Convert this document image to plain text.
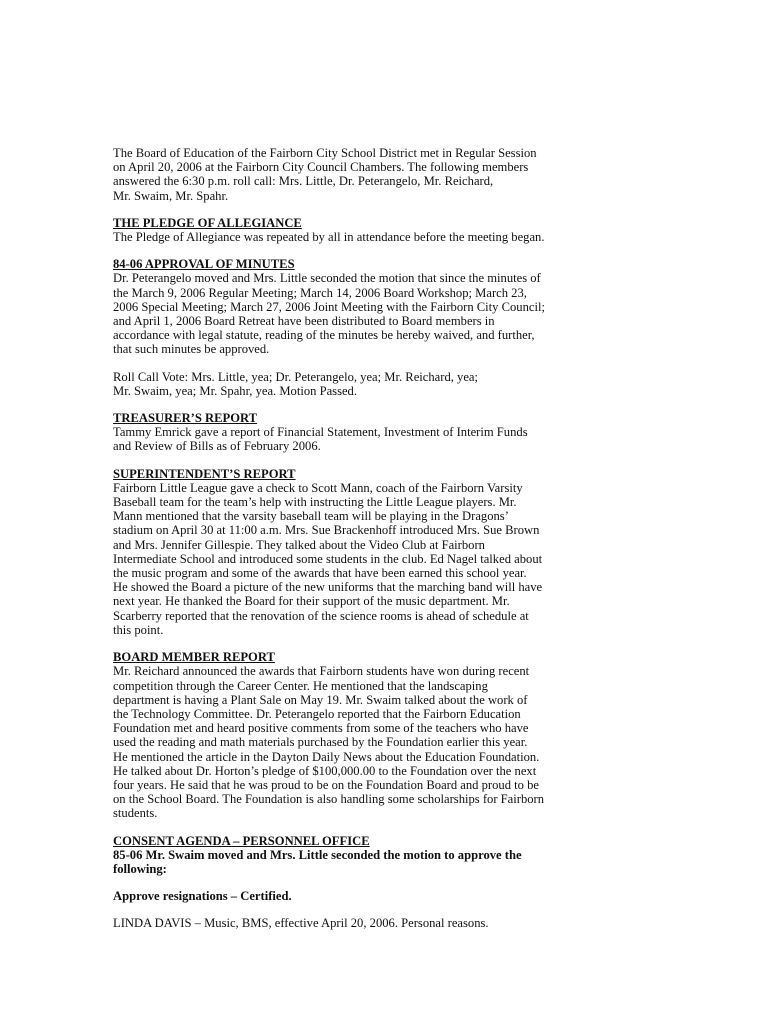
The Board of Education of the Fairborn City School District met in Regular Session
on April 20, 2006 at the Fairborn City Council Chambers. The following members
answered the 6:30 p.m. roll call: Mrs. Little, Dr. Peterangelo, Mr. Reichard,
Mr. Swaim, Mr. Spahr.

THE PLEDGE OF ALLEGIANCE

The Pledge of Allegiance was repeated by all in attendance before the meeting began.

84-06 APPROVAL OF MINUTES

Dr. Peterangelo moved and Mrs. Little seconded the motion that since the minutes of
the March 9, 2006 Regular Meeting; March 14, 2006 Board Workshop; March 23,
2006 Special Meeting; March 27, 2006 Joint Meeting with the Fairborn City Council;
and April 1, 2006 Board Retreat have been distributed to Board members in
accordance with legal statute, reading of the minutes be hereby waived, and further,
that such minutes be approved.

Roll Call Vote: Mrs. Little, yea; Dr. Peterangelo, yea; Mr. Reichard, yea;
Mr. Swaim, yea; Mr. Spahr, yea. Motion Passed.

TREASURER’S REPORT

Tammy Emrick gave a report of Financial Statement, Investment of Interim Funds
and Review of Bills as of February 2006.

SUPERINTENDENT’S REPORT

Fairborn Little League gave a check to Scott Mann, coach of the Fairborn Varsity
Baseball team for the team’s help with instructing the Little League players. Mr.
Mann mentioned that the varsity baseball team will be playing in the Dragons’
stadium on April 30 at 11:00 a.m. Mrs. Sue Brackenhoff introduced Mrs. Sue Brown
and Mrs. Jennifer Gillespie. They talked about the Video Club at Fairborn
Intermediate School and introduced some students in the club. Ed Nagel talked about
the music program and some of the awards that have been earned this school year.
He showed the Board a picture of the new uniforms that the marching band will have
next year. He thanked the Board for their support of the music department. Mr.
Scarberry reported that the renovation of the science rooms is ahead of schedule at
this point.

BOARD MEMBER REPORT

Mr. Reichard announced the awards that Fairborn students have won during recent
competition through the Career Center. He mentioned that the landscaping
department is having a Plant Sale on May 19. Mr. Swaim talked about the work of
the Technology Committee. Dr. Peterangelo reported that the Fairborn Education
Foundation met and heard positive comments from some of the teachers who have
used the reading and math materials purchased by the Foundation earlier this year.
He mentioned the article in the Dayton Daily News about the Education Foundation.
He talked about Dr. Horton’s pledge of $100,000.00 to the Foundation over the next
four years. He said that he was proud to be on the Foundation Board and proud to be
on the School Board. The Foundation is also handling some scholarships for Fairborn
students.

CONSENT AGENDA – PERSONNEL OFFICE

85-06 Mr. Swaim moved and Mrs. Little seconded the motion to approve the
following:

Approve resignations – Certified.

LINDA DAVIS – Music, BMS, effective April 20, 2006. Personal reasons.
